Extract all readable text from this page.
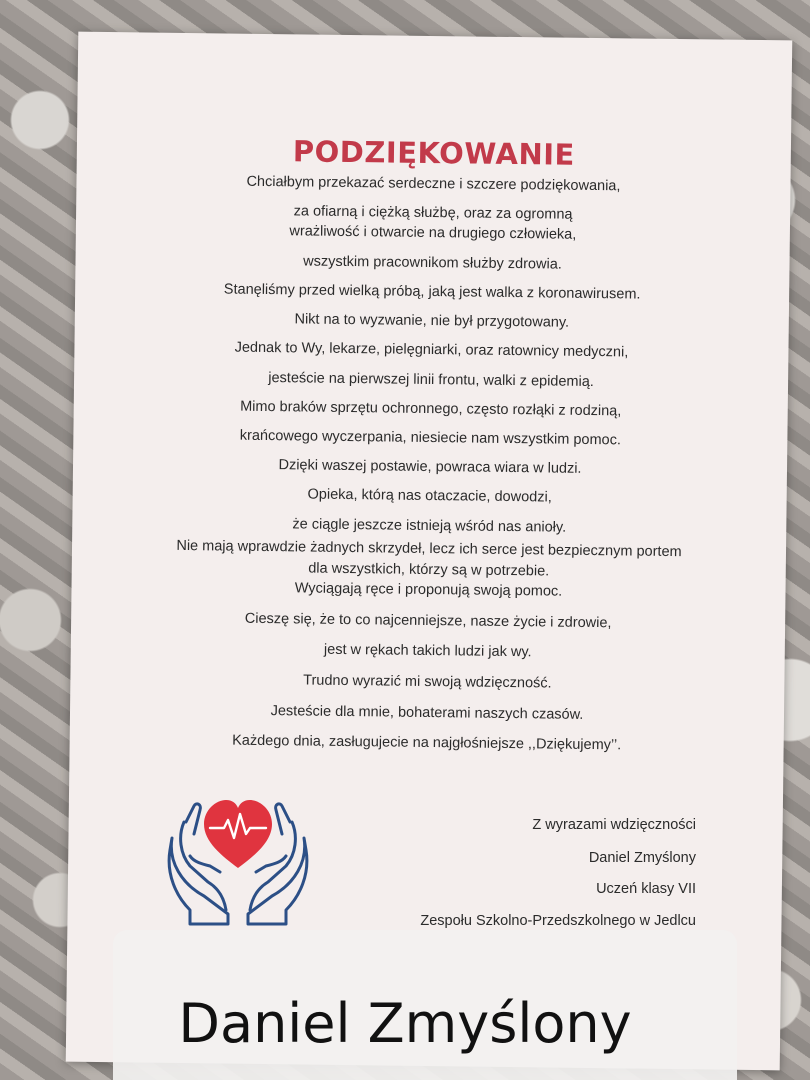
PODZIĘKOWANIE
Chciałbym przekazać serdeczne i szczere podziękowania,
za ofiarną i ciężką służbę, oraz za ogromną
wrażliwość i otwarcie na drugiego człowieka,
wszystkim pracownikom służby zdrowia.
Stanęliśmy przed wielką próbą, jaką jest walka z koronawirusem.
Nikt na to wyzwanie, nie był przygotowany.
Jednak to Wy, lekarze, pielęgniarki, oraz ratownicy medyczni,
jesteście na pierwszej linii frontu, walki z epidemią.
Mimo braków sprzętu ochronnego, często rozłąki z rodziną,
krańcowego wyczerpania, niesiecie nam wszystkim pomoc.
Dzięki waszej postawie, powraca wiara w ludzi.
Opieka, którą nas otaczacie, dowodzi,
że ciągle jeszcze istnieją wśród nas anioły.
Nie mają wprawdzie żadnych skrzydeł, lecz ich serce jest bezpiecznym portem
dla wszystkich, którzy są w potrzebie.
Wyciągają ręce i proponują swoją pomoc.
Cieszę się, że to co najcenniejsze, nasze życie i zdrowie,
jest w rękach takich ludzi jak wy.
Trudno wyrazić mi swoją wdzięczność.
Jesteście dla mnie, bohaterami naszych czasów.
Każdego dnia, zasługujecie na najgłośniejsze ,,Dziękujemy’’.
Z wyrazami wdzięczności
Daniel Zmyślony
Uczeń klasy VII
Zespołu Szkolno-Przedszkolnego w Jedlcu
Daniel Zmyślony
